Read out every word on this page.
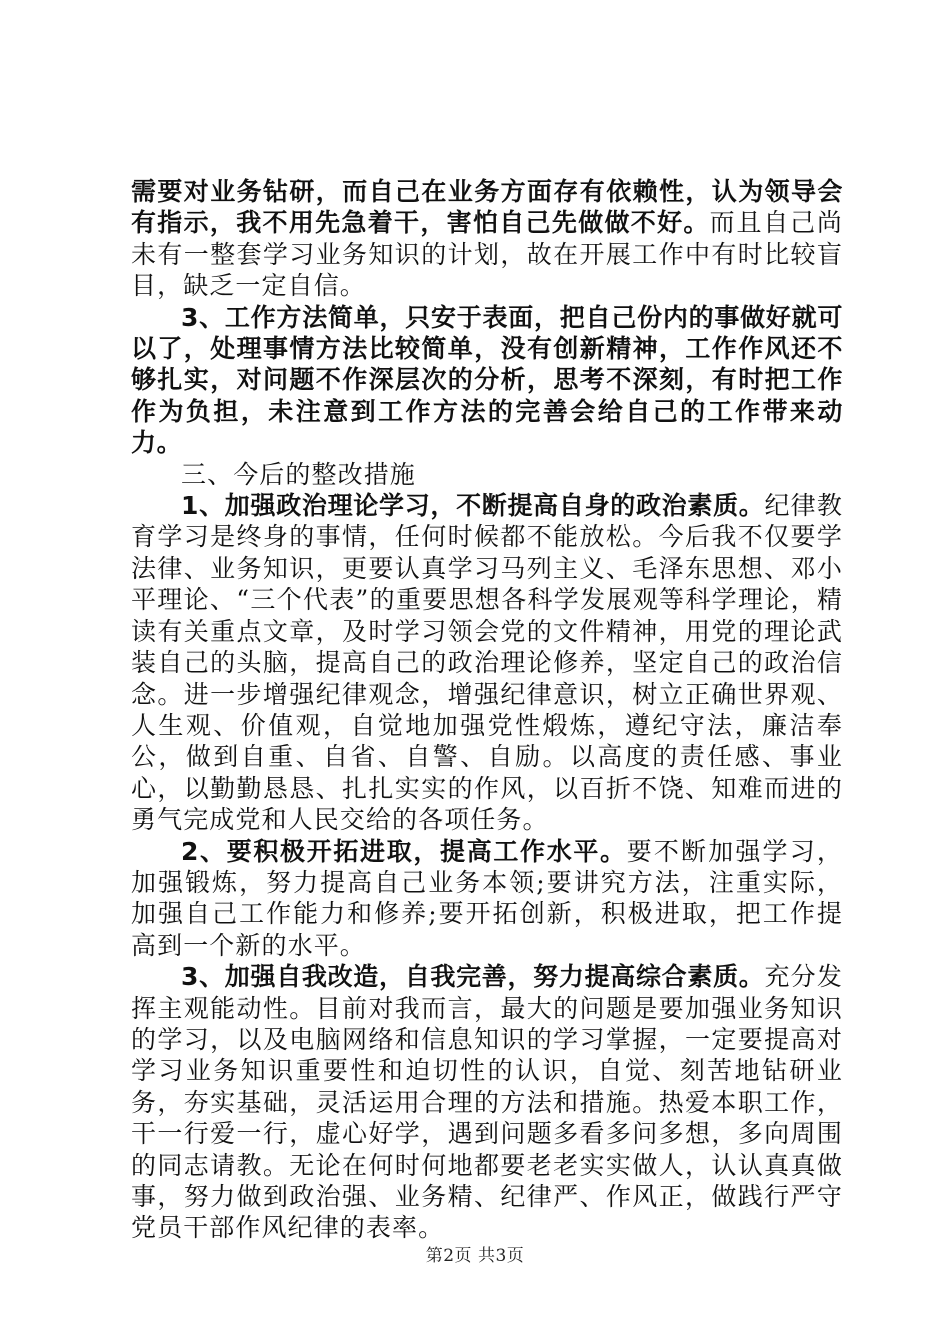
需要对业务钻研，而自己在业务方面存有依赖性，认为领导会有指示，我不用先急着干，害怕自己先做做不好。而且自己尚未有一整套学习业务知识的计划，故在开展工作中有时比较盲目，缺乏一定自信。

3、工作方法简单，只安于表面，把自己份内的事做好就可以了，处理事情方法比较简单，没有创新精神，工作作风还不够扎实，对问题不作深层次的分析，思考不深刻，有时把工作作为负担，未注意到工作方法的完善会给自己的工作带来动力。

三、今后的整改措施

1、加强政治理论学习，不断提高自身的政治素质。纪律教育学习是终身的事情，任何时候都不能放松。今后我不仅要学法律、业务知识，更要认真学习马列主义、毛泽东思想、邓小平理论、“三个代表”的重要思想各科学发展观等科学理论，精读有关重点文章，及时学习领会党的文件精神，用党的理论武装自己的头脑，提高自己的政治理论修养，坚定自己的政治信念。进一步增强纪律观念，增强纪律意识，树立正确世界观、人生观、价值观，自觉地加强党性煅炼，遵纪守法，廉洁奉公，做到自重、自省、自警、自励。以高度的责任感、事业心，以勤勤恳恳、扎扎实实的作风，以百折不饶、知难而进的勇气完成党和人民交给的各项任务。

2、要积极开拓进取，提高工作水平。要不断加强学习，加强锻炼，努力提高自己业务本领;要讲究方法，注重实际，加强自己工作能力和修养;要开拓创新，积极进取，把工作提高到一个新的水平。

3、加强自我改造，自我完善，努力提高综合素质。充分发挥主观能动性。目前对我而言，最大的问题是要加强业务知识的学习，以及电脑网络和信息知识的学习掌握，一定要提高对学习业务知识重要性和迫切性的认识，自觉、刻苦地钻研业务，夯实基础，灵活运用合理的方法和措施。热爱本职工作，干一行爱一行，虚心好学，遇到问题多看多问多想，多向周围的同志请教。无论在何时何地都要老老实实做人，认认真真做事，努力做到政治强、业务精、纪律严、作风正，做践行严守党员干部作风纪律的表率。

第2页 共3页
